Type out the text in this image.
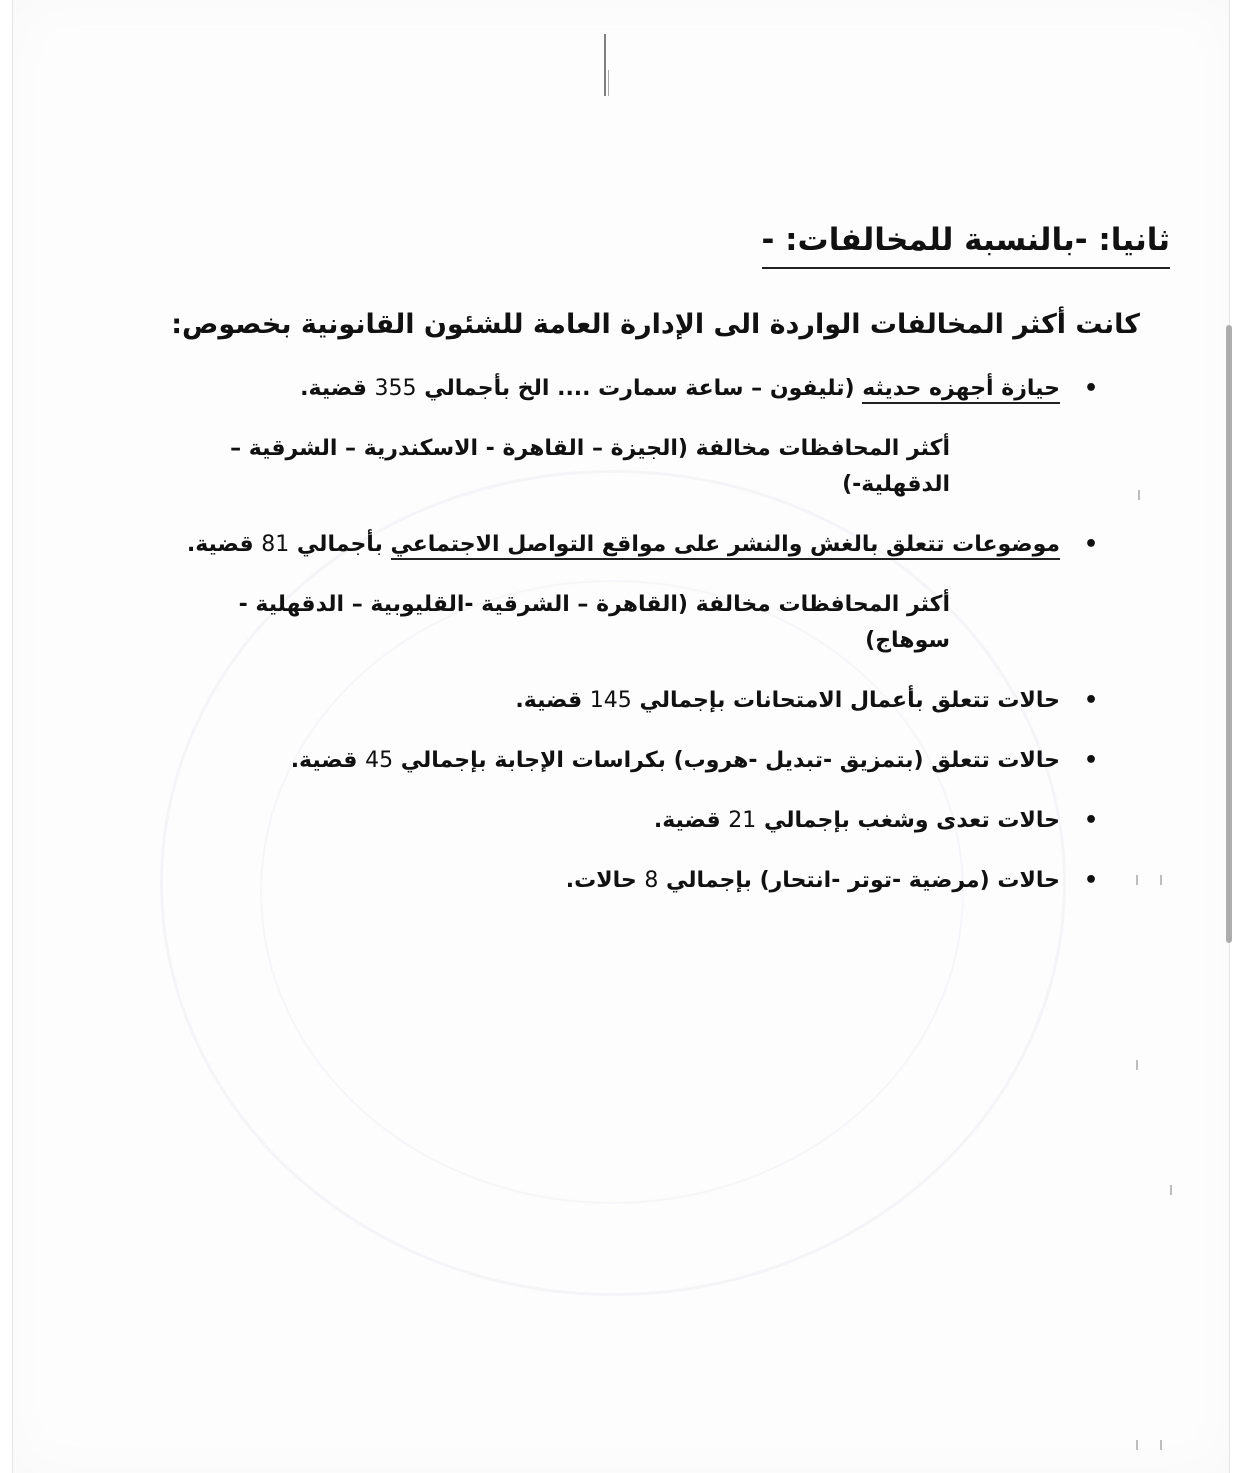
ثانيا: -بالنسبة للمخالفات: -
كانت أكثر المخالفات الواردة الى الإدارة العامة للشئون القانونية بخصوص:
•
حيازة أجهزه حديثه (تليفون – ساعة سمارت .... الخ بأجمالي 355 قضية.
أكثر المحافظات مخالفة (الجيزة – القاهرة - الاسكندرية – الشرقية – الدقهلية-)
•
موضوعات تتعلق بالغش والنشر على مواقع التواصل الاجتماعي بأجمالي 81 قضية.
أكثر المحافظات مخالفة (القاهرة – الشرقية -القليوبية – الدقهلية - سوهاج)
•
حالات تتعلق بأعمال الامتحانات بإجمالي 145 قضية.
•
حالات تتعلق (بتمزيق -تبديل -هروب) بكراسات الإجابة بإجمالي 45 قضية.
•
حالات تعدى وشغب بإجمالي 21 قضية.
•
حالات (مرضية -توتر -انتحار) بإجمالي 8 حالات.
